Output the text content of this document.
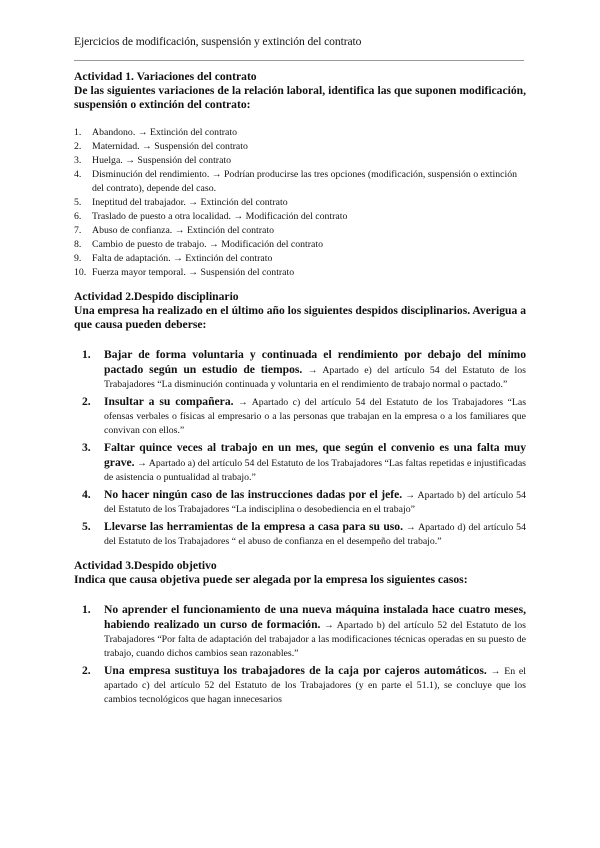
Ejercicios de modificación, suspensión y extinción del contrato
Actividad 1. Variaciones del contrato
De las siguientes variaciones de la relación laboral, identifica las que suponen modificación, suspensión o extinción del contrato:
1.	Abandono. → Extinción del contrato
2.	Maternidad. → Suspensión del contrato
3.	Huelga. → Suspensión del contrato
4.	Disminución del rendimiento. → Podrían producirse las tres opciones (modificación, suspensión o extinción del contrato), depende del caso.
5.	Ineptitud del trabajador. → Extinción del contrato
6.	Traslado de puesto a otra localidad. → Modificación del contrato
7.	Abuso de confianza. → Extinción del contrato
8.	Cambio de puesto de trabajo. → Modificación del contrato
9.	Falta de adaptación. → Extinción del contrato
10. Fuerza mayor temporal. → Suspensión del contrato
Actividad 2.Despido disciplinario
Una empresa ha realizado en el último año los siguientes despidos disciplinarios. Averigua a que causa pueden deberse:
1.	Bajar de forma voluntaria y continuada el rendimiento por debajo del mínimo pactado según un estudio de tiempos. → Apartado e) del artículo 54 del Estatuto de los Trabajadores “La disminución continuada y voluntaria en el rendimiento de trabajo normal o pactado.”
2.	Insultar a su compañera. → Apartado c) del artículo 54 del Estatuto de los Trabajadores “Las ofensas verbales o físicas al empresario o a las personas que trabajan en la empresa o a los familiares que convivan con ellos.”
3.	Faltar quince veces al trabajo en un mes, que según el convenio es una falta muy grave. → Apartado a) del artículo 54 del Estatuto de los Trabajadores “Las faltas repetidas e injustificadas de asistencia o puntualidad al trabajo.”
4.	No hacer ningún caso de las instrucciones dadas por el jefe. → Apartado b) del artículo 54 del Estatuto de los Trabajadores “La indisciplina o desobediencia en el trabajo”
5.	Llevarse las herramientas de la empresa a casa para su uso. → Apartado d) del artículo 54 del Estatuto de los Trabajadores “ el abuso de confianza en el desempeño del trabajo.”
Actividad 3.Despido objetivo
Indica que causa objetiva puede ser alegada por la empresa los siguientes casos:
1.	No aprender el funcionamiento de una nueva máquina instalada hace cuatro meses, habiendo realizado un curso de formación. → Apartado b) del artículo 52 del Estatuto de los Trabajadores “Por falta de adaptación del trabajador a las modificaciones técnicas operadas en su puesto de trabajo, cuando dichos cambios sean razonables.”
2.	Una empresa sustituya los trabajadores de la caja por cajeros automáticos. → En el apartado c) del artículo 52 del Estatuto de los Trabajadores (y en parte el 51.1), se concluye que los cambios tecnológicos que hagan innecesarios
